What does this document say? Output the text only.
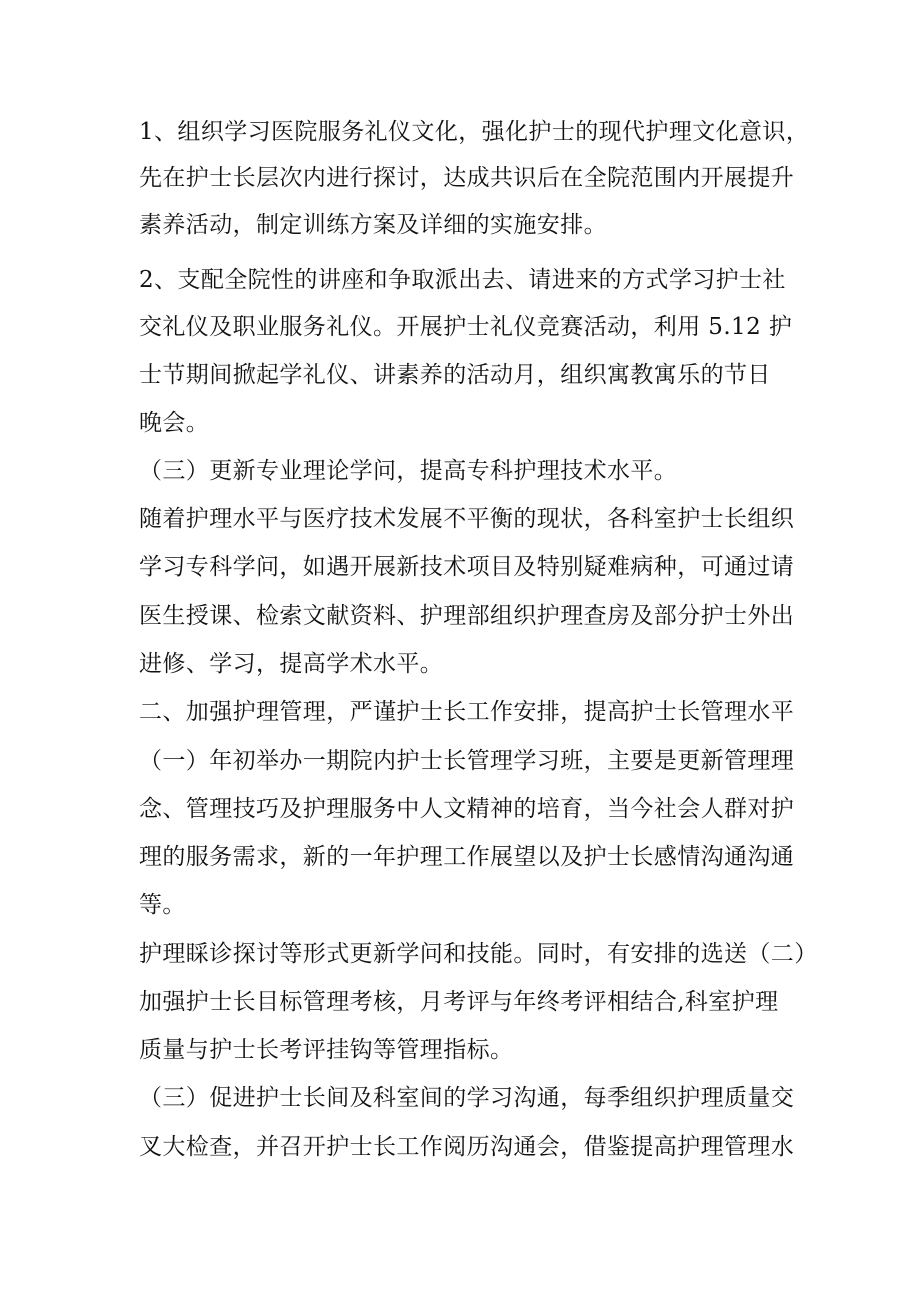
1、组织学习医院服务礼仪文化，强化护士的现代护理文化意识，
先在护士长层次内进行探讨，达成共识后在全院范围内开展提升
素养活动，制定训练方案及详细的实施安排。
2、支配全院性的讲座和争取派出去、请进来的方式学习护士社
交礼仪及职业服务礼仪。开展护士礼仪竞赛活动，利用 5.12 护
士节期间掀起学礼仪、讲素养的活动月，组织寓教寓乐的节日
晚会。
（三）更新专业理论学问，提高专科护理技术水平。
随着护理水平与医疗技术发展不平衡的现状，各科室护士长组织
学习专科学问，如遇开展新技术项目及特别疑难病种，可通过请
医生授课、检索文献资料、护理部组织护理查房及部分护士外出
进修、学习，提高学术水平。
二、加强护理管理，严谨护士长工作安排，提高护士长管理水平
（一）年初举办一期院内护士长管理学习班，主要是更新管理理
念、管理技巧及护理服务中人文精神的培育，当今社会人群对护
理的服务需求，新的一年护理工作展望以及护士长感情沟通沟通
等。
护理睬诊探讨等形式更新学问和技能。同时，有安排的选送（二）
加强护士长目标管理考核，月考评与年终考评相结合,科室护理
质量与护士长考评挂钩等管理指标。
（三）促进护士长间及科室间的学习沟通，每季组织护理质量交
叉大检查，并召开护士长工作阅历沟通会，借鉴提高护理管理水
